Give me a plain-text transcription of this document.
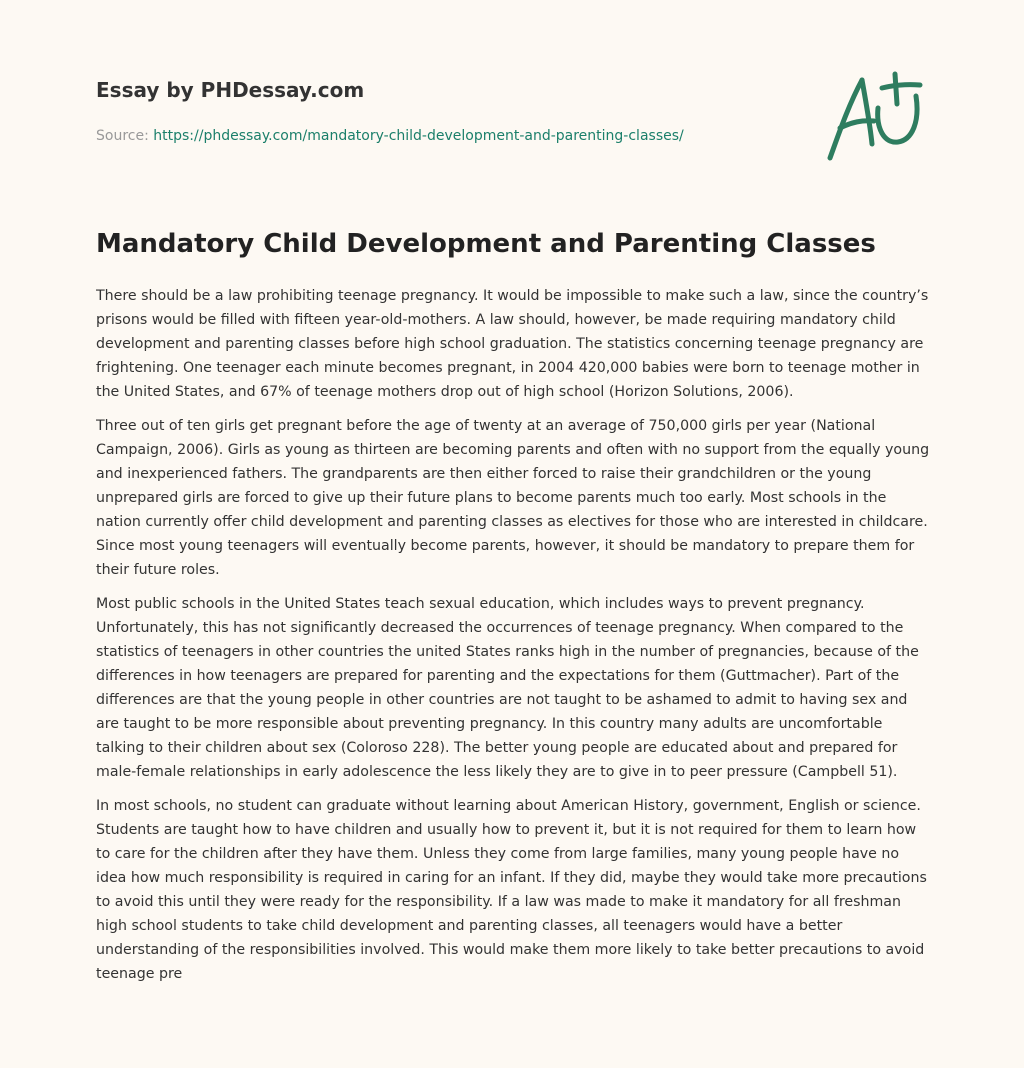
Essay by PHDessay.com
Source: https://phdessay.com/mandatory-child-development-and-parenting-classes/
Mandatory Child Development and Parenting Classes

There should be a law prohibiting teenage pregnancy. It would be impossible to make such a law, since the country’s prisons would be filled with fifteen year-old-mothers. A law should, however, be made requiring mandatory child development and parenting classes before high school graduation. The statistics concerning teenage pregnancy are frightening. One teenager each minute becomes pregnant, in 2004 420,000 babies were born to teenage mother in the United States, and 67% of teenage mothers drop out of high school (Horizon Solutions, 2006).

Three out of ten girls get pregnant before the age of twenty at an average of 750,000 girls per year (National Campaign, 2006). Girls as young as thirteen are becoming parents and often with no support from the equally young and inexperienced fathers. The grandparents are then either forced to raise their grandchildren or the young unprepared girls are forced to give up their future plans to become parents much too early. Most schools in the nation currently offer child development and parenting classes as electives for those who are interested in childcare. Since most young teenagers will eventually become parents, however, it should be mandatory to prepare them for their future roles.

Most public schools in the United States teach sexual education, which includes ways to prevent pregnancy. Unfortunately, this has not significantly decreased the occurrences of teenage pregnancy. When compared to the statistics of teenagers in other countries the united States ranks high in the number of pregnancies, because of the differences in how teenagers are prepared for parenting and the expectations for them (Guttmacher). Part of the differences are that the young people in other countries are not taught to be ashamed to admit to having sex and are taught to be more responsible about preventing pregnancy. In this country many adults are uncomfortable talking to their children about sex (Coloroso 228). The better young people are educated about and prepared for male-female relationships in early adolescence the less likely they are to give in to peer pressure (Campbell 51).

In most schools, no student can graduate without learning about American History, government, English or science. Students are taught how to have children and usually how to prevent it, but it is not required for them to learn how to care for the children after they have them. Unless they come from large families, many young people have no idea how much responsibility is required in caring for an infant. If they did, maybe they would take more precautions to avoid this until they were ready for the responsibility. If a law was made to make it mandatory for all freshman high school students to take child development and parenting classes, all teenagers would have a better understanding of the responsibilities involved. This would make them more likely to take better precautions to avoid teenage pre
